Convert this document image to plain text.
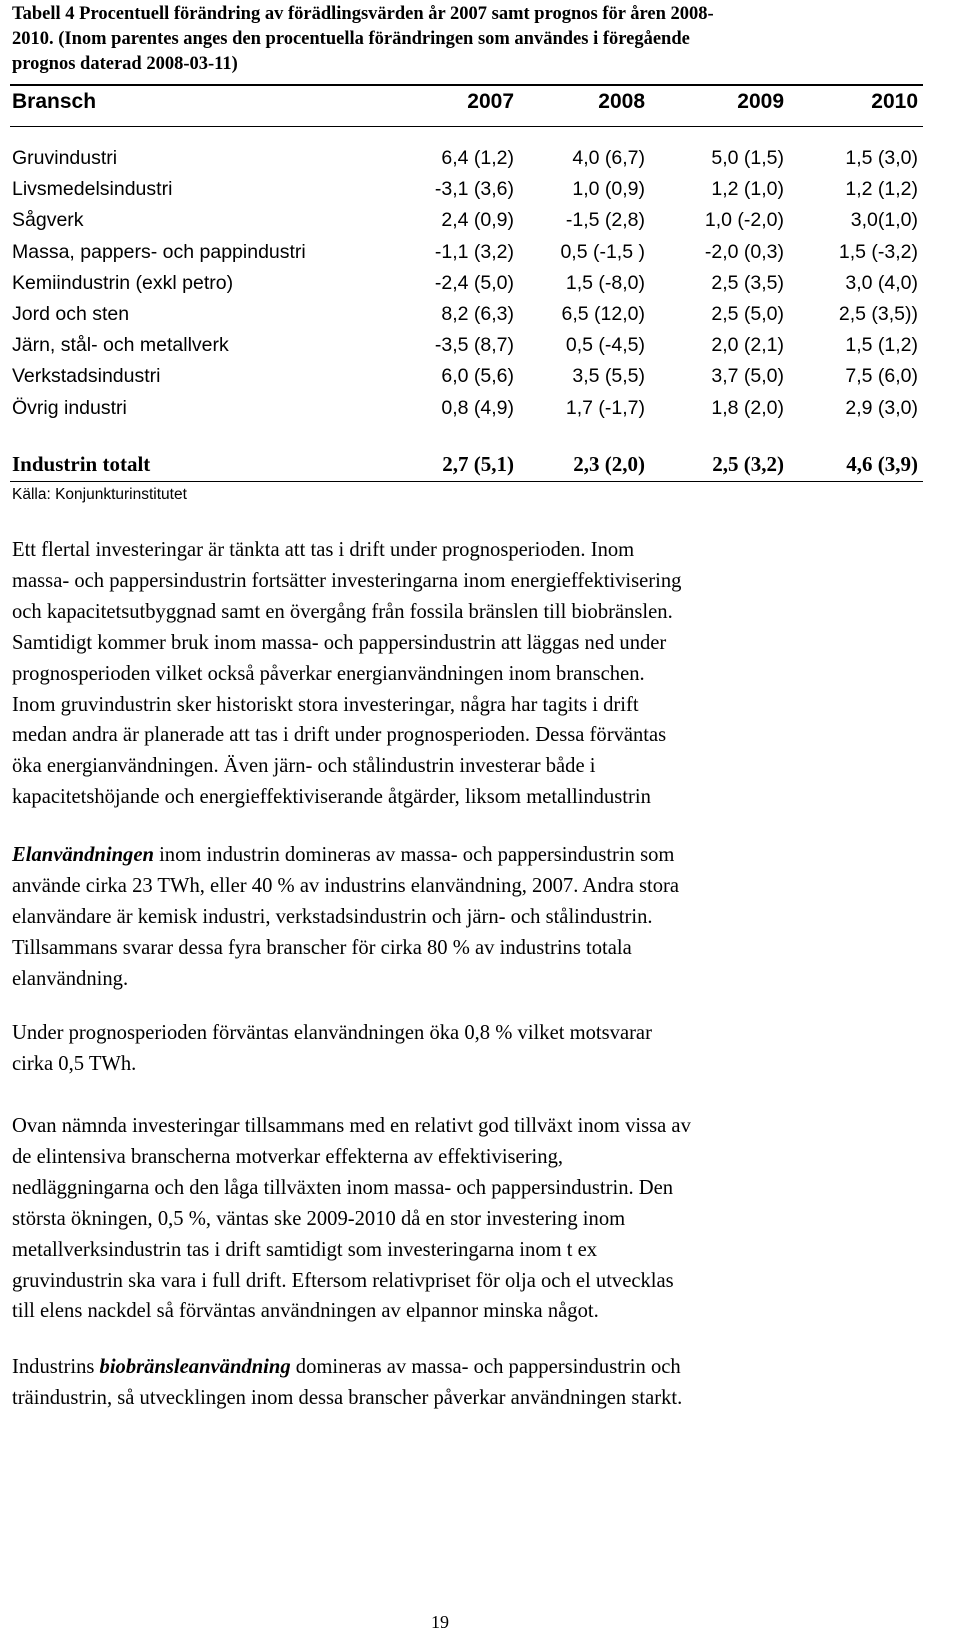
Tabell 4 Procentuell förändring av förädlingsvärden år 2007 samt prognos för åren 2008-
2010. (Inom parentes anges den procentuella förändringen som användes i föregående
prognos daterad 2008-03-11)
Bransch	2007	2008	2009	2010
Gruvindustri	6,4 (1,2)	4,0 (6,7)	5,0 (1,5)	1,5 (3,0)
Livsmedelsindustri	-3,1 (3,6)	1,0 (0,9)	1,2 (1,0)	1,2 (1,2)
Sågverk	2,4 (0,9)	-1,5 (2,8)	1,0 (-2,0)	3,0(1,0)
Massa, pappers- och pappindustri	-1,1 (3,2)	0,5 (-1,5 )	-2,0 (0,3)	1,5 (-3,2)
Kemiindustrin (exkl petro)	-2,4 (5,0)	1,5 (-8,0)	2,5 (3,5)	3,0 (4,0)
Jord och sten	8,2 (6,3)	6,5 (12,0)	2,5 (5,0)	2,5 (3,5))
Järn, stål- och metallverk	-3,5 (8,7)	0,5 (-4,5)	2,0 (2,1)	1,5 (1,2)
Verkstadsindustri	6,0 (5,6)	3,5 (5,5)	3,7 (5,0)	7,5 (6,0)
Övrig industri	0,8 (4,9)	1,7 (-1,7)	1,8 (2,0)	2,9 (3,0)
Industrin totalt	2,7 (5,1)	2,3 (2,0)	2,5 (3,2)	4,6 (3,9)
Källa: Konjunkturinstitutet
Ett flertal investeringar är tänkta att tas i drift under prognosperioden. Inom
massa- och pappersindustrin fortsätter investeringarna inom energieffektivisering
och kapacitetsutbyggnad samt en övergång från fossila bränslen till biobränslen.
Samtidigt kommer bruk inom massa- och pappersindustrin att läggas ned under
prognosperioden vilket också påverkar energianvändningen inom branschen.
Inom gruvindustrin sker historiskt stora investeringar, några har tagits i drift
medan andra är planerade att tas i drift under prognosperioden. Dessa förväntas
öka energianvändningen. Även järn- och stålindustrin investerar både i
kapacitetshöjande och energieffektiviserande åtgärder, liksom metallindustrin
Elanvändningen inom industrin domineras av massa- och pappersindustrin som
använde cirka 23 TWh, eller 40 % av industrins elanvändning, 2007. Andra stora
elanvändare är kemisk industri, verkstadsindustrin och järn- och stålindustrin.
Tillsammans svarar dessa fyra branscher för cirka 80 % av industrins totala
elanvändning.
Under prognosperioden förväntas elanvändningen öka 0,8 % vilket motsvarar
cirka 0,5 TWh.
Ovan nämnda investeringar tillsammans med en relativt god tillväxt inom vissa av
de elintensiva branscherna motverkar effekterna av effektivisering,
nedläggningarna och den låga tillväxten inom massa- och pappersindustrin. Den
största ökningen, 0,5 %, väntas ske 2009-2010 då en stor investering inom
metallverksindustrin tas i drift samtidigt som investeringarna inom t ex
gruvindustrin ska vara i full drift. Eftersom relativpriset för olja och el utvecklas
till elens nackdel så förväntas användningen av elpannor minska något.
Industrins biobränsleanvändning domineras av massa- och pappersindustrin och
träindustrin, så utvecklingen inom dessa branscher påverkar användningen starkt.
19
